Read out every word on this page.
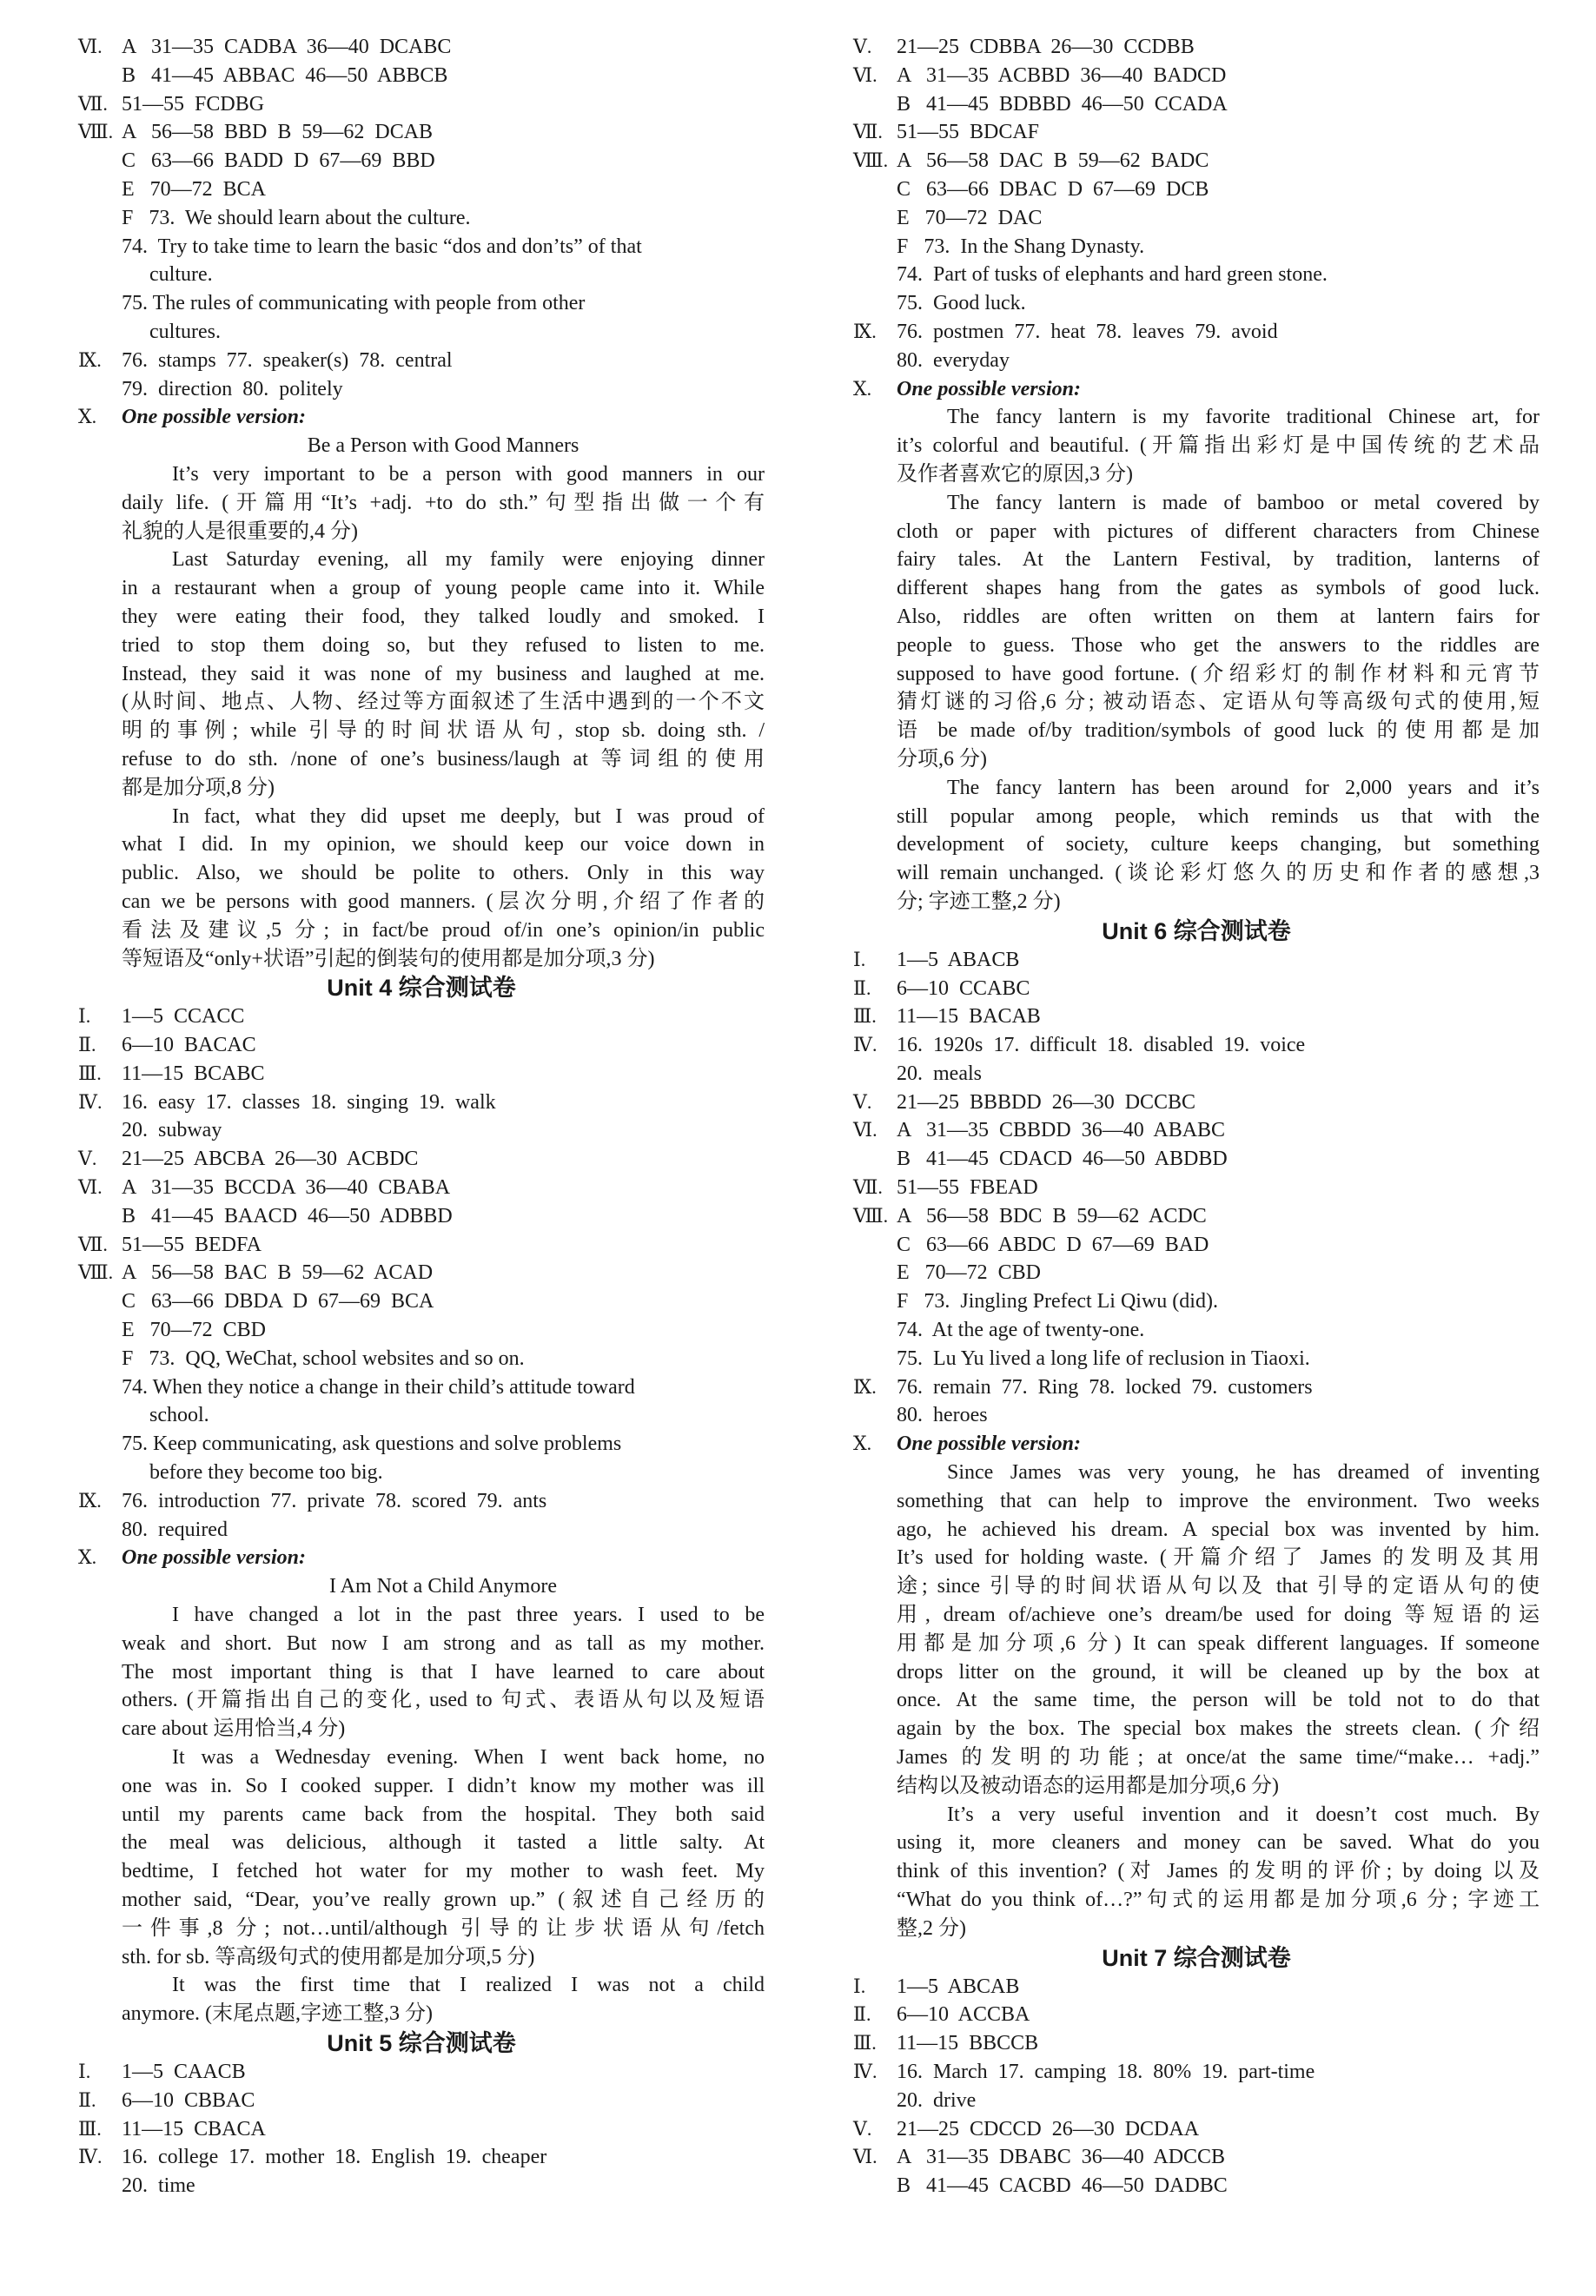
Ⅵ. A   31—35  CADBA  36—40  DCABC
B   41—45  ABBAC  46—50  ABBCB
Ⅶ. 51—55  FCDBG
Ⅷ. A   56—58  BBD  B  59—62  DCAB
C   63—66  BADD  D  67—69  BBD
E   70—72  BCA
F   73.  We should learn about the culture.
74.  Try to take time to learn the basic “dos and don’ts” of that
culture.
75. The rules of communicating with people from other
cultures.
Ⅸ. 76.  stamps  77.  speaker(s)  78.  central
79.  direction  80.  politely
Ⅹ. One possible version:
Be a Person with Good Manners
It’s very important to be a person with good manners in our
daily life. (开篇用“It’s +adj. +to do sth.”句型指出做一个有
礼貌的人是很重要的,4 分)
Last Saturday evening, all my family were enjoying dinner
in a restaurant when a group of young people came into it. While
they were eating their food, they talked loudly and smoked. I
tried to stop them doing so, but they refused to listen to me.
Instead, they said it was none of my business and laughed at me.
(从时间、地点、人物、经过等方面叙述了生活中遇到的一个不文
明的事例; while 引导的时间状语从句, stop sb. doing sth. /
refuse to do sth. /none of one’s business/laugh at 等词组的使用
都是加分项,8 分)
In fact, what they did upset me deeply, but I was proud of
what I did. In my opinion, we should keep our voice down in
public. Also, we should be polite to others. Only in this way
can we be persons with good manners. (层次分明,介绍了作者的
看法及建议,5 分; in fact/be proud of/in one’s opinion/in public
等短语及“only+状语”引起的倒装句的使用都是加分项,3 分)
Unit 4 综合测试卷
Ⅰ. 1—5  CCACC
Ⅱ. 6—10  BACAC
Ⅲ. 11—15  BCABC
Ⅳ. 16.  easy  17.  classes  18.  singing  19.  walk
20.  subway
Ⅴ. 21—25  ABCBA  26—30  ACBDC
Ⅵ. A   31—35  BCCDA  36—40  CBABA
B   41—45  BAACD  46—50  ADBBD
Ⅶ. 51—55  BEDFA
Ⅷ. A   56—58  BAC  B  59—62  ACAD
C   63—66  DBDA  D  67—69  BCA
E   70—72  CBD
F   73.  QQ, WeChat, school websites and so on.
74. When they notice a change in their child’s attitude toward
school.
75. Keep communicating, ask questions and solve problems
before they become too big.
Ⅸ. 76.  introduction  77.  private  78.  scored  79.  ants
80.  required
Ⅹ. One possible version:
I Am Not a Child Anymore
I have changed a lot in the past three years. I used to be
weak and short. But now I am strong and as tall as my mother.
The most important thing is that I have learned to care about
others. (开篇指出自己的变化, used to 句式、表语从句以及短语
care about 运用恰当,4 分)
It was a Wednesday evening. When I went back home, no
one was in. So I cooked supper. I didn’t know my mother was ill
until my parents came back from the hospital. They both said
the meal was delicious, although it tasted a little salty. At
bedtime, I fetched hot water for my mother to wash feet. My
mother said, “Dear, you’ve really grown up.” (叙述自己经历的
一件事,8 分; not…until/although 引导的让步状语从句/fetch
sth. for sb. 等高级句式的使用都是加分项,5 分)
It was the first time that I realized I was not a child
anymore. (末尾点题,字迹工整,3 分)
Unit 5 综合测试卷
Ⅰ. 1—5  CAACB
Ⅱ. 6—10  CBBAC
Ⅲ. 11—15  CBACA
Ⅳ. 16.  college  17.  mother  18.  English  19.  cheaper
20.  time
Ⅴ. 21—25  CDBBA  26—30  CCDBB
Ⅵ. A   31—35  ACBBD  36—40  BADCD
B   41—45  BDBBD  46—50  CCADA
Ⅶ. 51—55  BDCAF
Ⅷ. A   56—58  DAC  B  59—62  BADC
C   63—66  DBAC  D  67—69  DCB
E   70—72  DAC
F   73.  In the Shang Dynasty.
74.  Part of tusks of elephants and hard green stone.
75.  Good luck.
Ⅸ. 76.  postmen  77.  heat  78.  leaves  79.  avoid
80.  everyday
Ⅹ. One possible version:
The fancy lantern is my favorite traditional Chinese art, for
it’s colorful and beautiful. (开篇指出彩灯是中国传统的艺术品
及作者喜欢它的原因,3 分)
The fancy lantern is made of bamboo or metal covered by
cloth or paper with pictures of different characters from Chinese
fairy tales. At the Lantern Festival, by tradition, lanterns of
different shapes hang from the gates as symbols of good luck.
Also, riddles are often written on them at lantern fairs for
people to guess. Those who get the answers to the riddles are
supposed to have good fortune. (介绍彩灯的制作材料和元宵节
猜灯谜的习俗,6 分; 被动语态、定语从句等高级句式的使用,短
语 be made of/by tradition/symbols of good luck 的使用都是加
分项,6 分)
The fancy lantern has been around for 2,000 years and it’s
still popular among people, which reminds us that with the
development of society, culture keeps changing, but something
will remain unchanged. (谈论彩灯悠久的历史和作者的感想,3
分; 字迹工整,2 分)
Unit 6 综合测试卷
Ⅰ. 1—5  ABACB
Ⅱ. 6—10  CCABC
Ⅲ. 11—15  BACAB
Ⅳ. 16.  1920s  17.  difficult  18.  disabled  19.  voice
20.  meals
Ⅴ. 21—25  BBBDD  26—30  DCCBC
Ⅵ. A   31—35  CBBDD  36—40  ABABC
B   41—45  CDACD  46—50  ABDBD
Ⅶ. 51—55  FBEAD
Ⅷ. A   56—58  BDC  B  59—62  ACDC
C   63—66  ABDC  D  67—69  BAD
E   70—72  CBD
F   73.  Jingling Prefect Li Qiwu (did).
74.  At the age of twenty-one.
75.  Lu Yu lived a long life of reclusion in Tiaoxi.
Ⅸ. 76.  remain  77.  Ring  78.  locked  79.  customers
80.  heroes
Ⅹ. One possible version:
Since James was very young, he has dreamed of inventing
something that can help to improve the environment. Two weeks
ago, he achieved his dream. A special box was invented by him.
It’s used for holding waste. (开篇介绍了 James 的发明及其用
途; since 引导的时间状语从句以及 that 引导的定语从句的使
用, dream of/achieve one’s dream/be used for doing 等短语的运
用都是加分项,6 分) It can speak different languages. If someone
drops litter on the ground, it will be cleaned up by the box at
once. At the same time, the person will be told not to do that
again by the box. The special box makes the streets clean. (介绍
James 的发明的功能; at once/at the same time/“make… +adj.”
结构以及被动语态的运用都是加分项,6 分)
It’s a very useful invention and it doesn’t cost much. By
using it, more cleaners and money can be saved. What do you
think of this invention? (对 James 的发明的评价; by doing 以及
“What do you think of…?”句式的运用都是加分项,6 分; 字迹工
整,2 分)
Unit 7 综合测试卷
Ⅰ. 1—5  ABCAB
Ⅱ. 6—10  ACCBA
Ⅲ. 11—15  BBCCB
Ⅳ. 16.  March  17.  camping  18.  80%  19.  part-time
20.  drive
Ⅴ. 21—25  CDCCD  26—30  DCDAA
Ⅵ. A   31—35  DBABC  36—40  ADCCB
B   41—45  CACBD  46—50  DADBC
